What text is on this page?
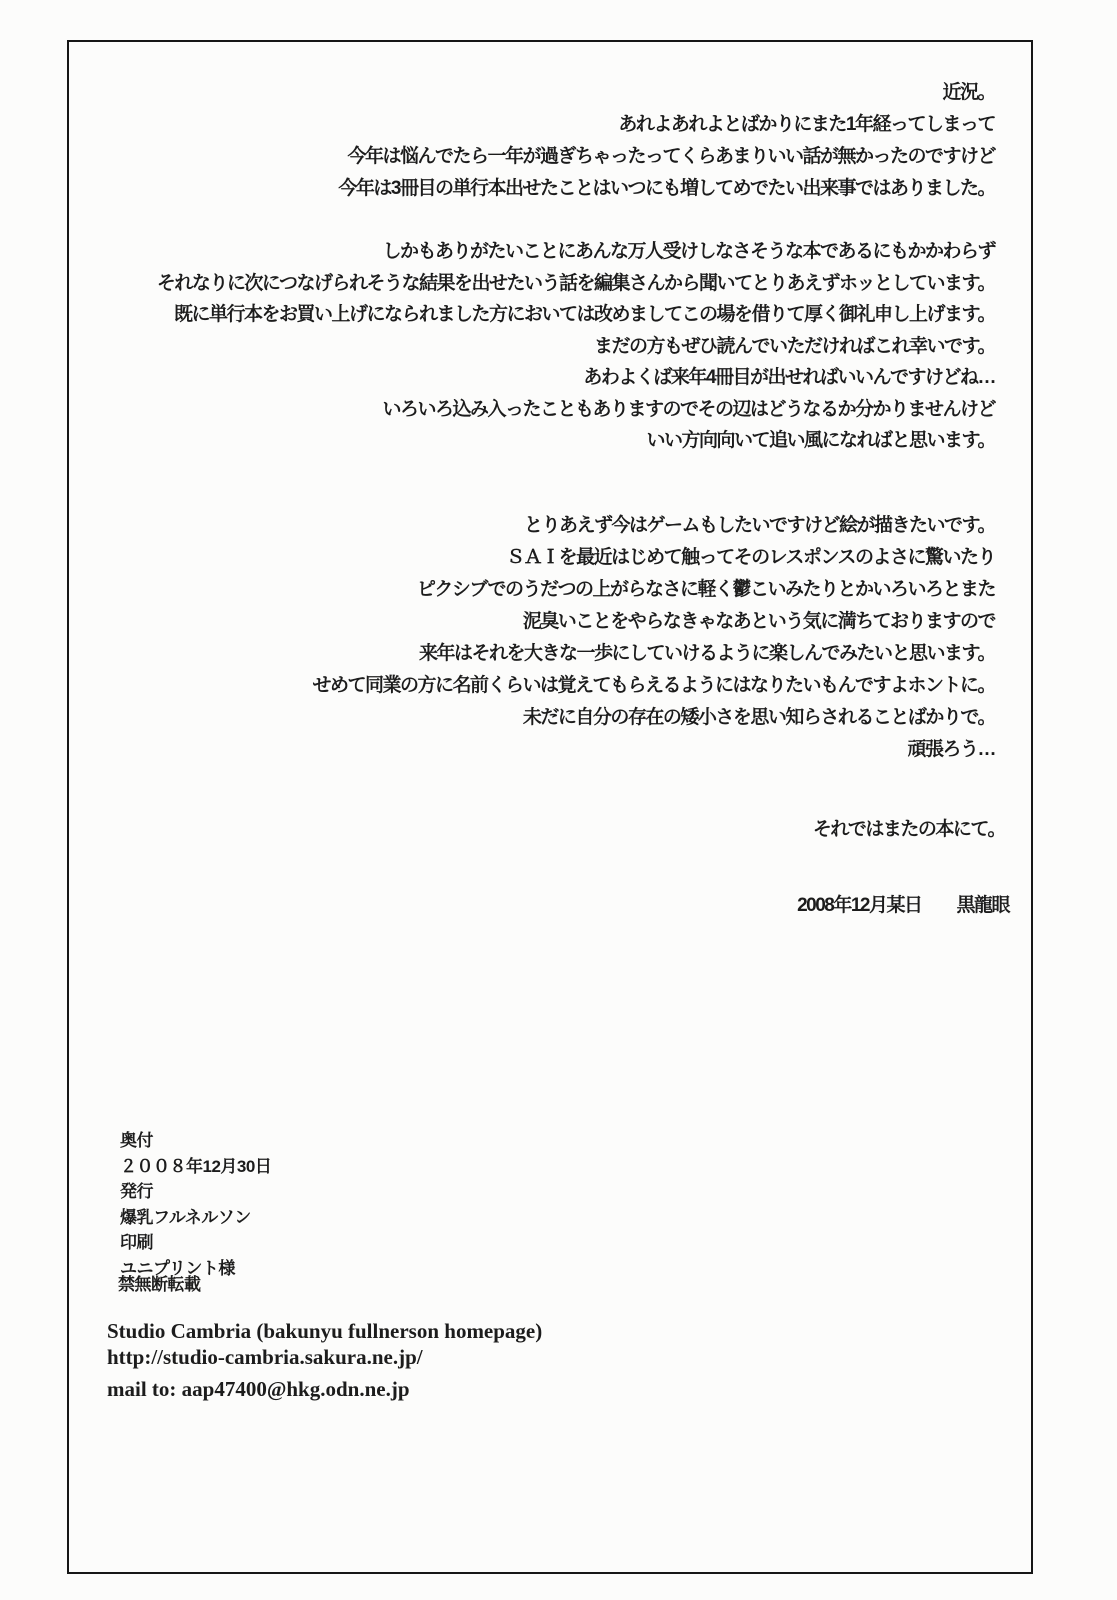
近況。
あれよあれよとばかりにまた1年経ってしまって
今年は悩んでたら一年が過ぎちゃったってくらあまりいい話が無かったのですけど
今年は3冊目の単行本出せたことはいつにも増してめでたい出来事ではありました。
しかもありがたいことにあんな万人受けしなさそうな本であるにもかかわらず
それなりに次につなげられそうな結果を出せたいう話を編集さんから聞いてとりあえずホッとしています。
既に単行本をお買い上げになられました方においては改めましてこの場を借りて厚く御礼申し上げます。
まだの方もぜひ読んでいただければこれ幸いです。
あわよくば来年4冊目が出せればいいんですけどね…
いろいろ込み入ったこともありますのでその辺はどうなるか分かりませんけど
いい方向向いて追い風になればと思います。
とりあえず今はゲームもしたいですけど絵が描きたいです。
ＳＡＩを最近はじめて触ってそのレスポンスのよさに驚いたり
ピクシブでのうだつの上がらなさに軽く鬱こいみたりとかいろいろとまた
泥臭いことをやらなきゃなあという気に満ちておりますので
来年はそれを大きな一歩にしていけるように楽しんでみたいと思います。
せめて同業の方に名前くらいは覚えてもらえるようにはなりたいもんですよホントに。
未だに自分の存在の矮小さを思い知らされることばかりで。
頑張ろう…
それではまたの本にて。
2008年12月某日　　黒龍眼
奥付
２００８年12月30日
発行
爆乳フルネルソン
印刷
ユニプリント様
禁無断転載
Studio Cambria (bakunyu fullnerson homepage)
http://studio-cambria.sakura.ne.jp/
mail to: aap47400@hkg.odn.ne.jp
